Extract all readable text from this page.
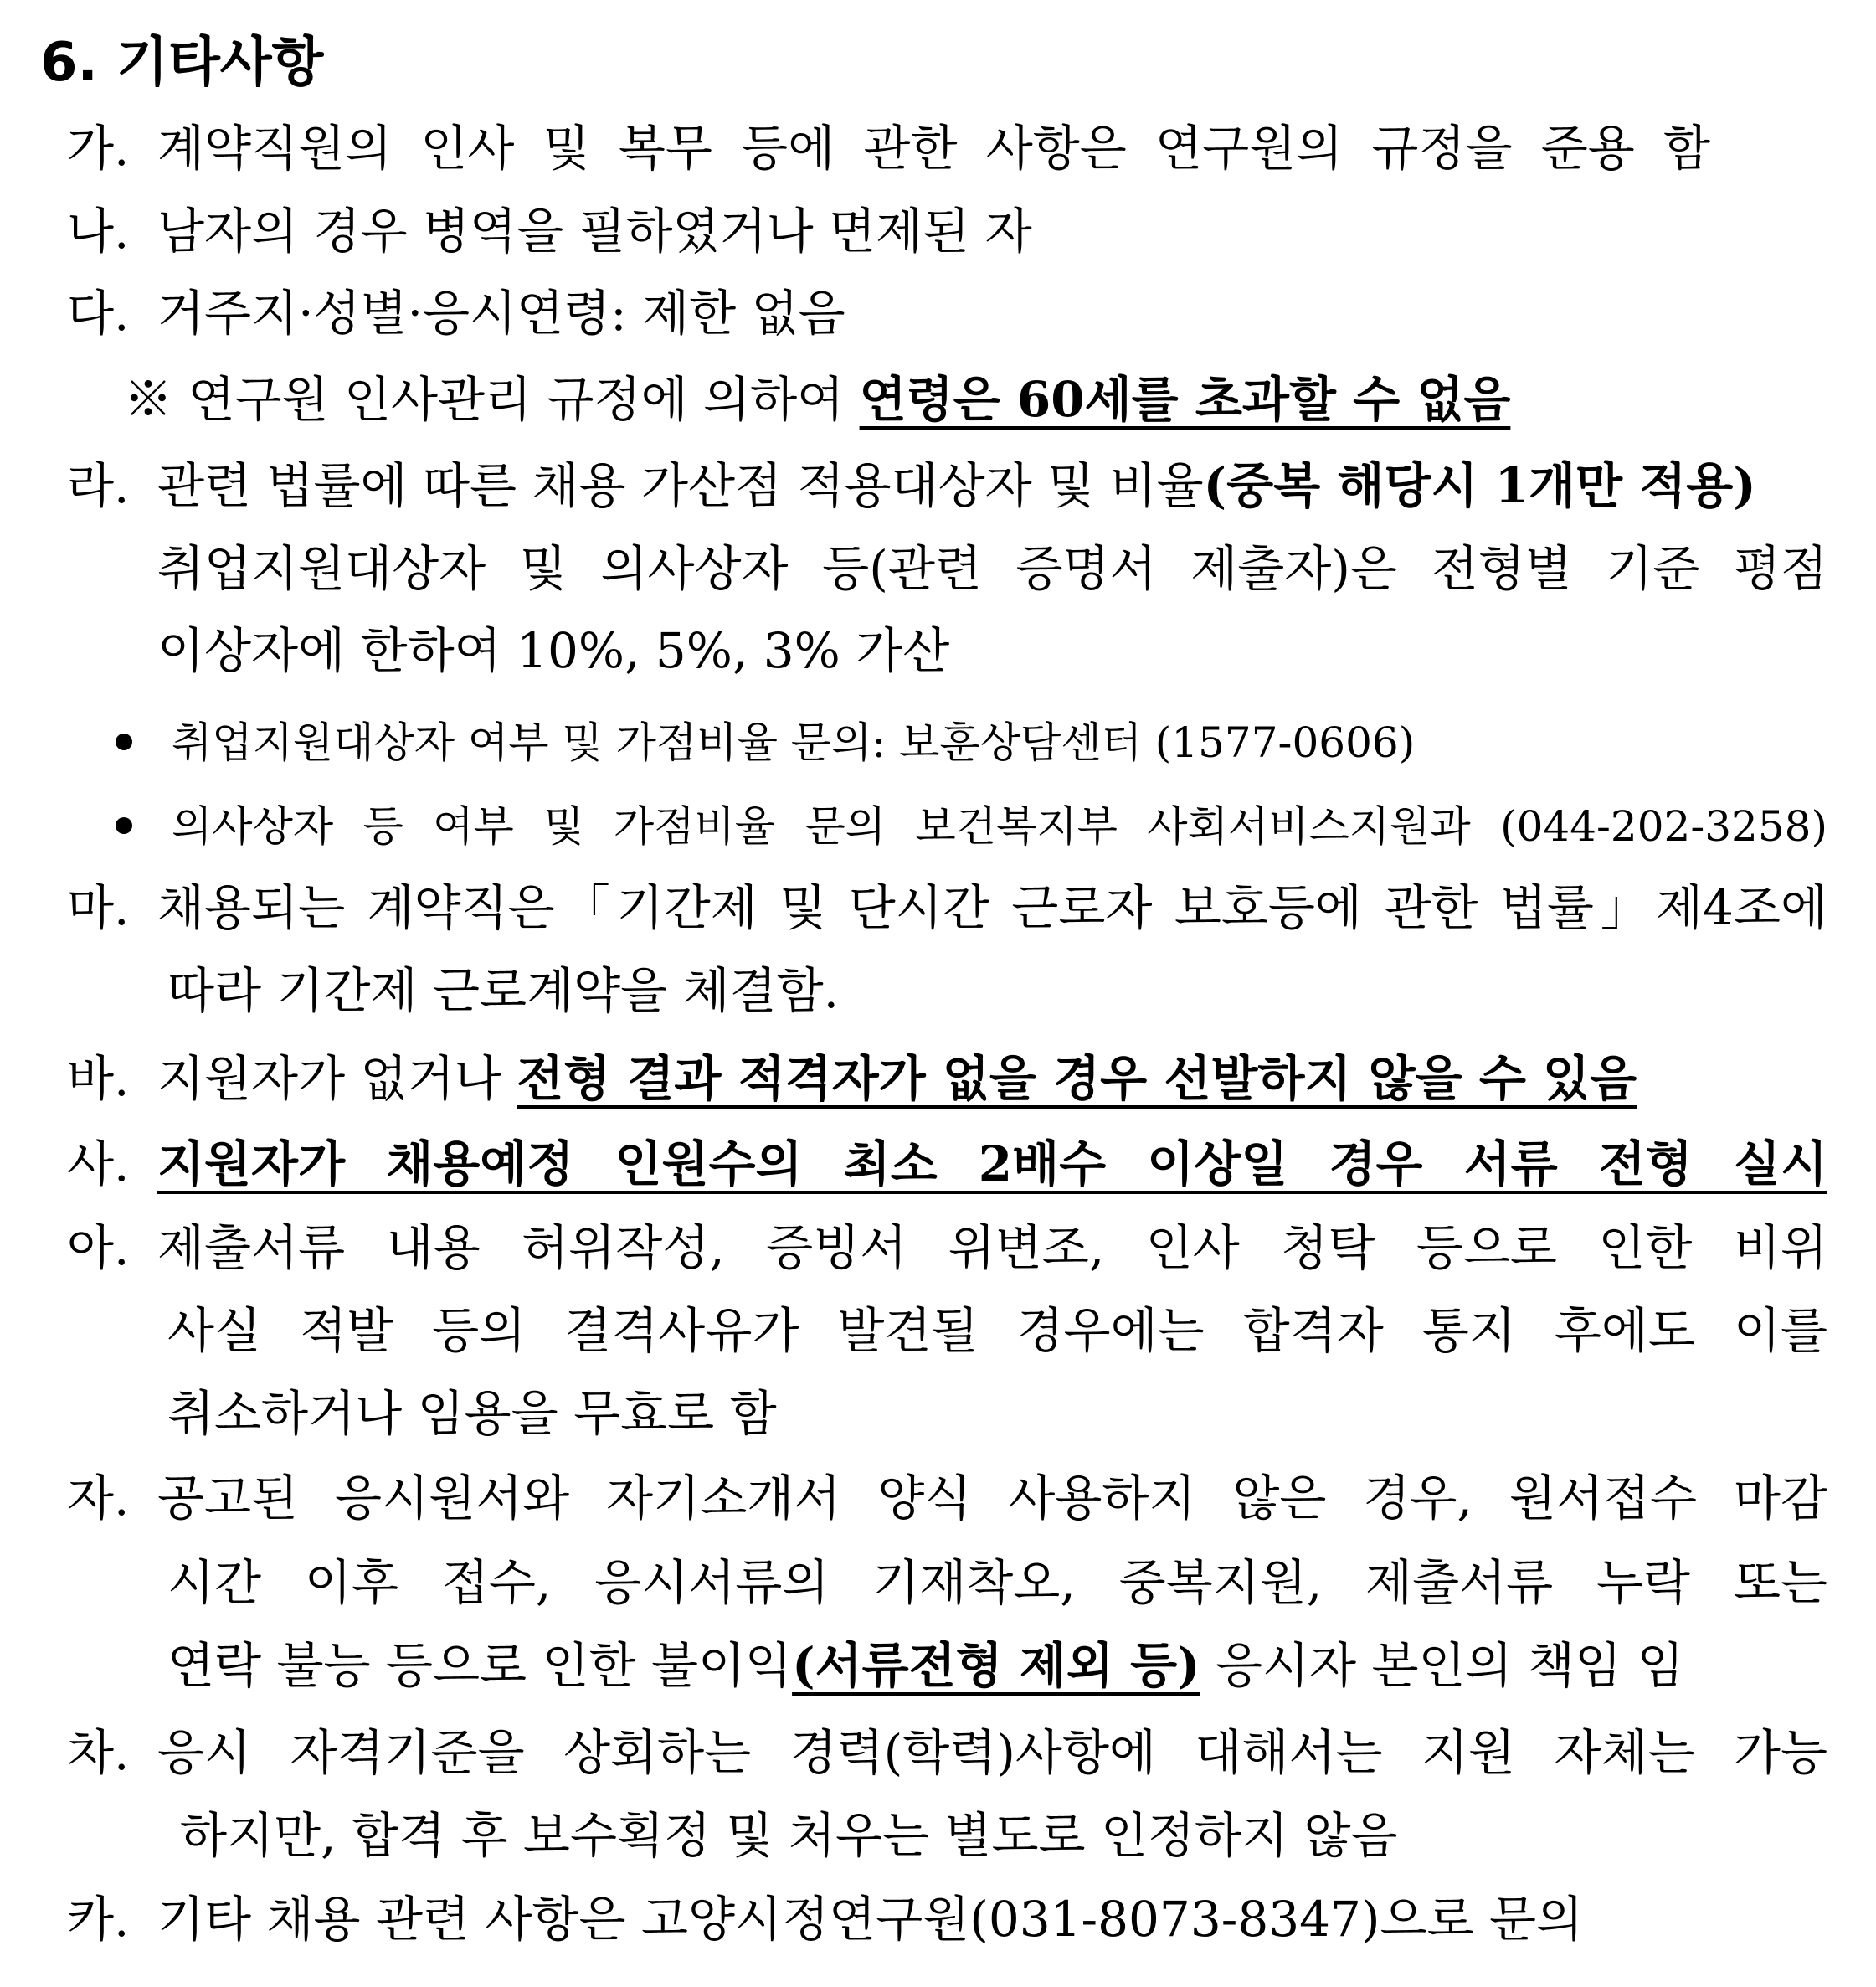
6. 기타사항
가. 계약직원의 인사 및 복무 등에 관한 사항은 연구원의 규정을 준용 함
나. 남자의 경우 병역을 필하였거나 면제된 자
다. 거주지·성별·응시연령: 제한 없음
※ 연구원 인사관리 규정에 의하여 연령은 60세를 초과할 수 없음
라. 관련 법률에 따른 채용 가산점 적용대상자 및 비율(중복 해당시 1개만 적용)
취업지원대상자 및 의사상자 등(관련 증명서 제출자)은 전형별 기준 평점
이상자에 한하여 10%, 5%, 3% 가산
취업지원대상자 여부 및 가점비율 문의: 보훈상담센터 (1577-0606)
의사상자 등 여부 및 가점비율 문의 보건복지부 사회서비스지원과 (044-202-3258)
마. 채용되는 계약직은「기간제 및 단시간 근로자 보호등에 관한 법률」제4조에
따라 기간제 근로계약을 체결함.
바. 지원자가 없거나 전형 결과 적격자가 없을 경우 선발하지 않을 수 있음
사. 지원자가 채용예정 인원수의 최소 2배수 이상일 경우 서류 전형 실시
아. 제출서류 내용 허위작성, 증빙서 위변조, 인사 청탁 등으로 인한 비위
사실 적발 등의 결격사유가 발견될 경우에는 합격자 통지 후에도 이를
취소하거나 임용을 무효로 함
자. 공고된 응시원서와 자기소개서 양식 사용하지 않은 경우, 원서접수 마감
시간 이후 접수, 응시서류의 기재착오, 중복지원, 제출서류 누락 또는
연락 불능 등으로 인한 불이익(서류전형 제외 등) 응시자 본인의 책임 임
차. 응시 자격기준을 상회하는 경력(학력)사항에 대해서는 지원 자체는 가능
하지만, 합격 후 보수획정 및 처우는 별도로 인정하지 않음
카. 기타 채용 관련 사항은 고양시정연구원(031-8073-8347)으로 문의
